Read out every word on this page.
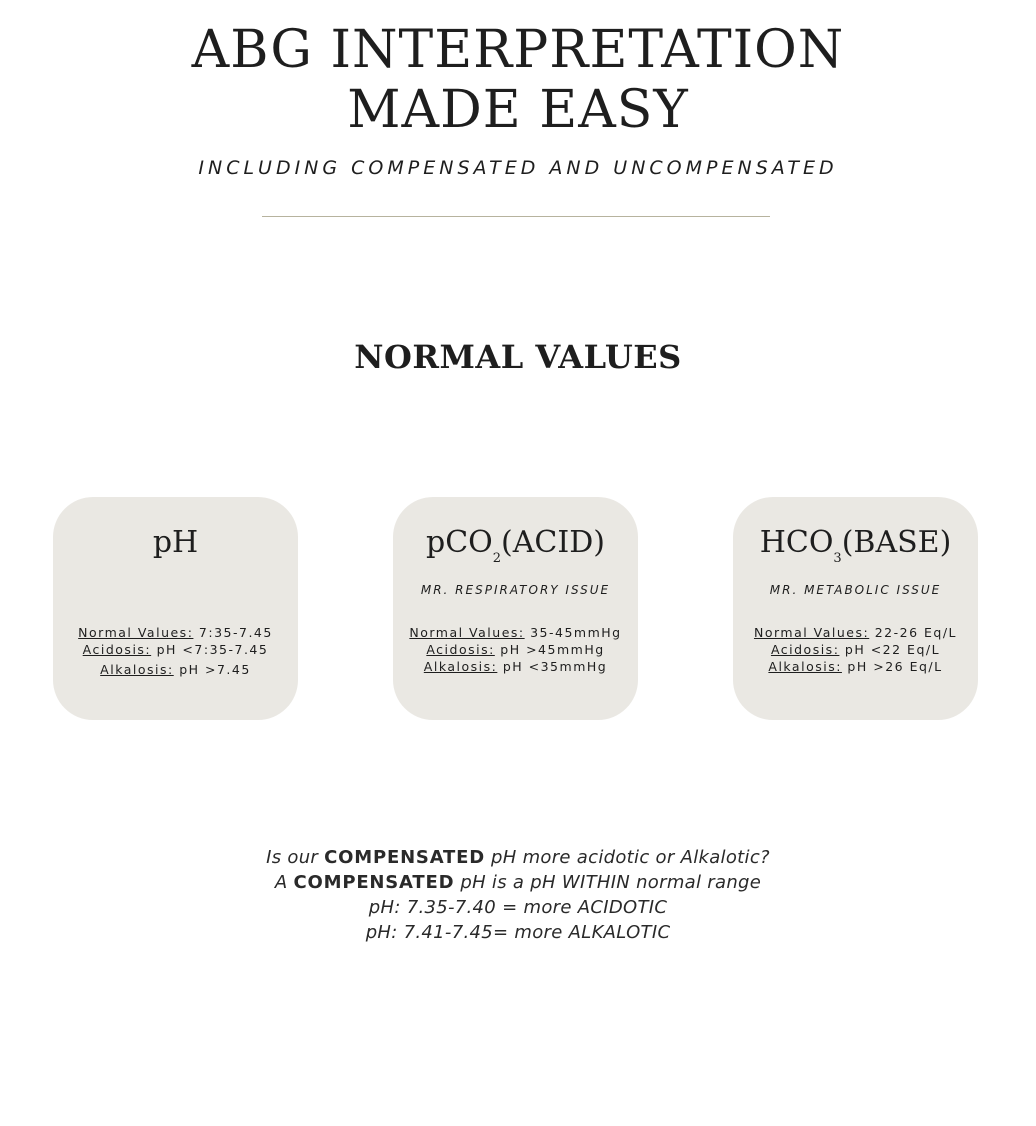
ABG INTERPRETATION
MADE EASY

INCLUDING COMPENSATED AND UNCOMPENSATED

NORMAL VALUES
pH
Normal Values: 7:35-7.45
Acidosis: pH <7:35-7.45
Alkalosis: pH >7.45
pCO$_2$(ACID)
MR. RESPIRATORY ISSUE
Normal Values: 35-45mmHg
Acidosis: pH >45mmHg
Alkalosis: pH <35mmHg
$HCO_3(BASE)$
MR. METABOLIC ISSUE
Normal Values: 22-26 Eq/L
Acidosis: pH <22 Eq/L
Alkalosis: pH >26 Eq/L
Is our COMPENSATED pH more acidotic or Alkalotic?
A COMPENSATED pH is a pH WITHIN normal range
pH: 7.35-7.40 = more ACIDOTIC
pH: 7.41-7.45= more ALKALOTIC
